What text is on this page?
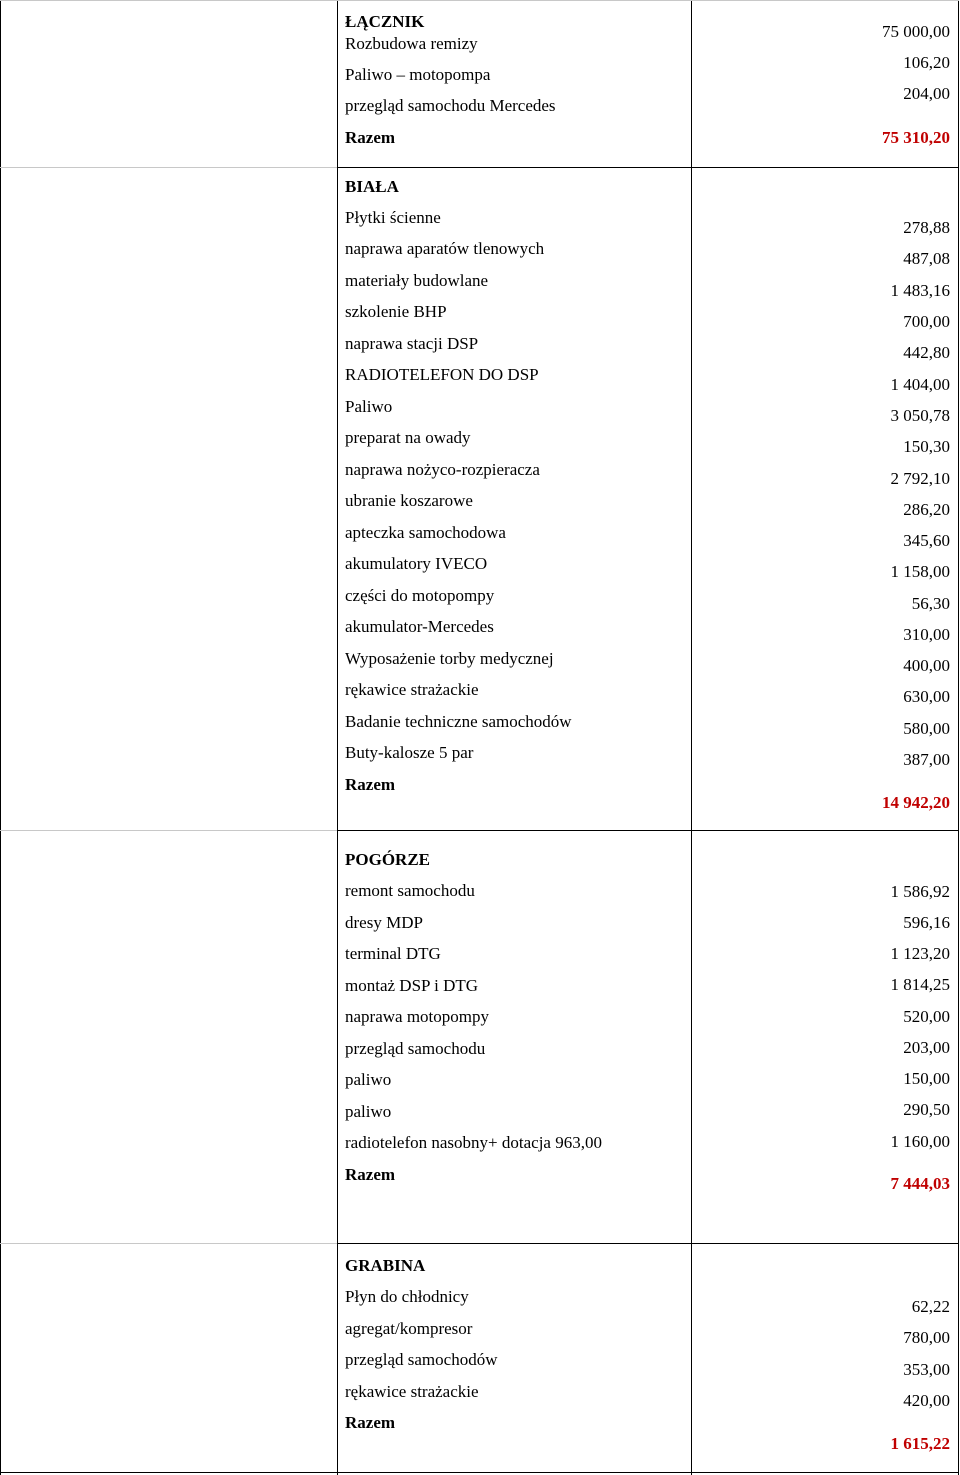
ŁĄCZNIK
Rozbudowa remizy
Paliwo – motopompa
przegląd samochodu Mercedes
Razem
75 000,00
106,20
204,00
75 310,20
BIAŁA
Płytki ścienne
naprawa aparatów tlenowych
materiały budowlane
szkolenie BHP
naprawa stacji DSP
RADIOTELEFON DO DSP
Paliwo
preparat na owady
naprawa nożyco-rozpieracza
ubranie koszarowe
apteczka samochodowa
akumulatory IVECO
części do motopompy
akumulator-Mercedes
Wyposażenie torby medycznej
rękawice strażackie
Badanie techniczne samochodów
Buty-kalosze 5 par
Razem
278,88
487,08
1 483,16
700,00
442,80
1 404,00
3 050,78
150,30
2 792,10
286,20
345,60
1 158,00
56,30
310,00
400,00
630,00
580,00
387,00
14 942,20
POGÓRZE
remont samochodu
dresy MDP
terminal DTG
montaż DSP i DTG
naprawa motopompy
przegląd samochodu
paliwo
paliwo
radiotelefon nasobny+ dotacja 963,00
Razem
1 586,92
596,16
1 123,20
1 814,25
520,00
203,00
150,00
290,50
1 160,00
7 444,03
GRABINA
Płyn do chłodnicy
agregat/kompresor
przegląd samochodów
rękawice strażackie
Razem
62,22
780,00
353,00
420,00
1 615,22
